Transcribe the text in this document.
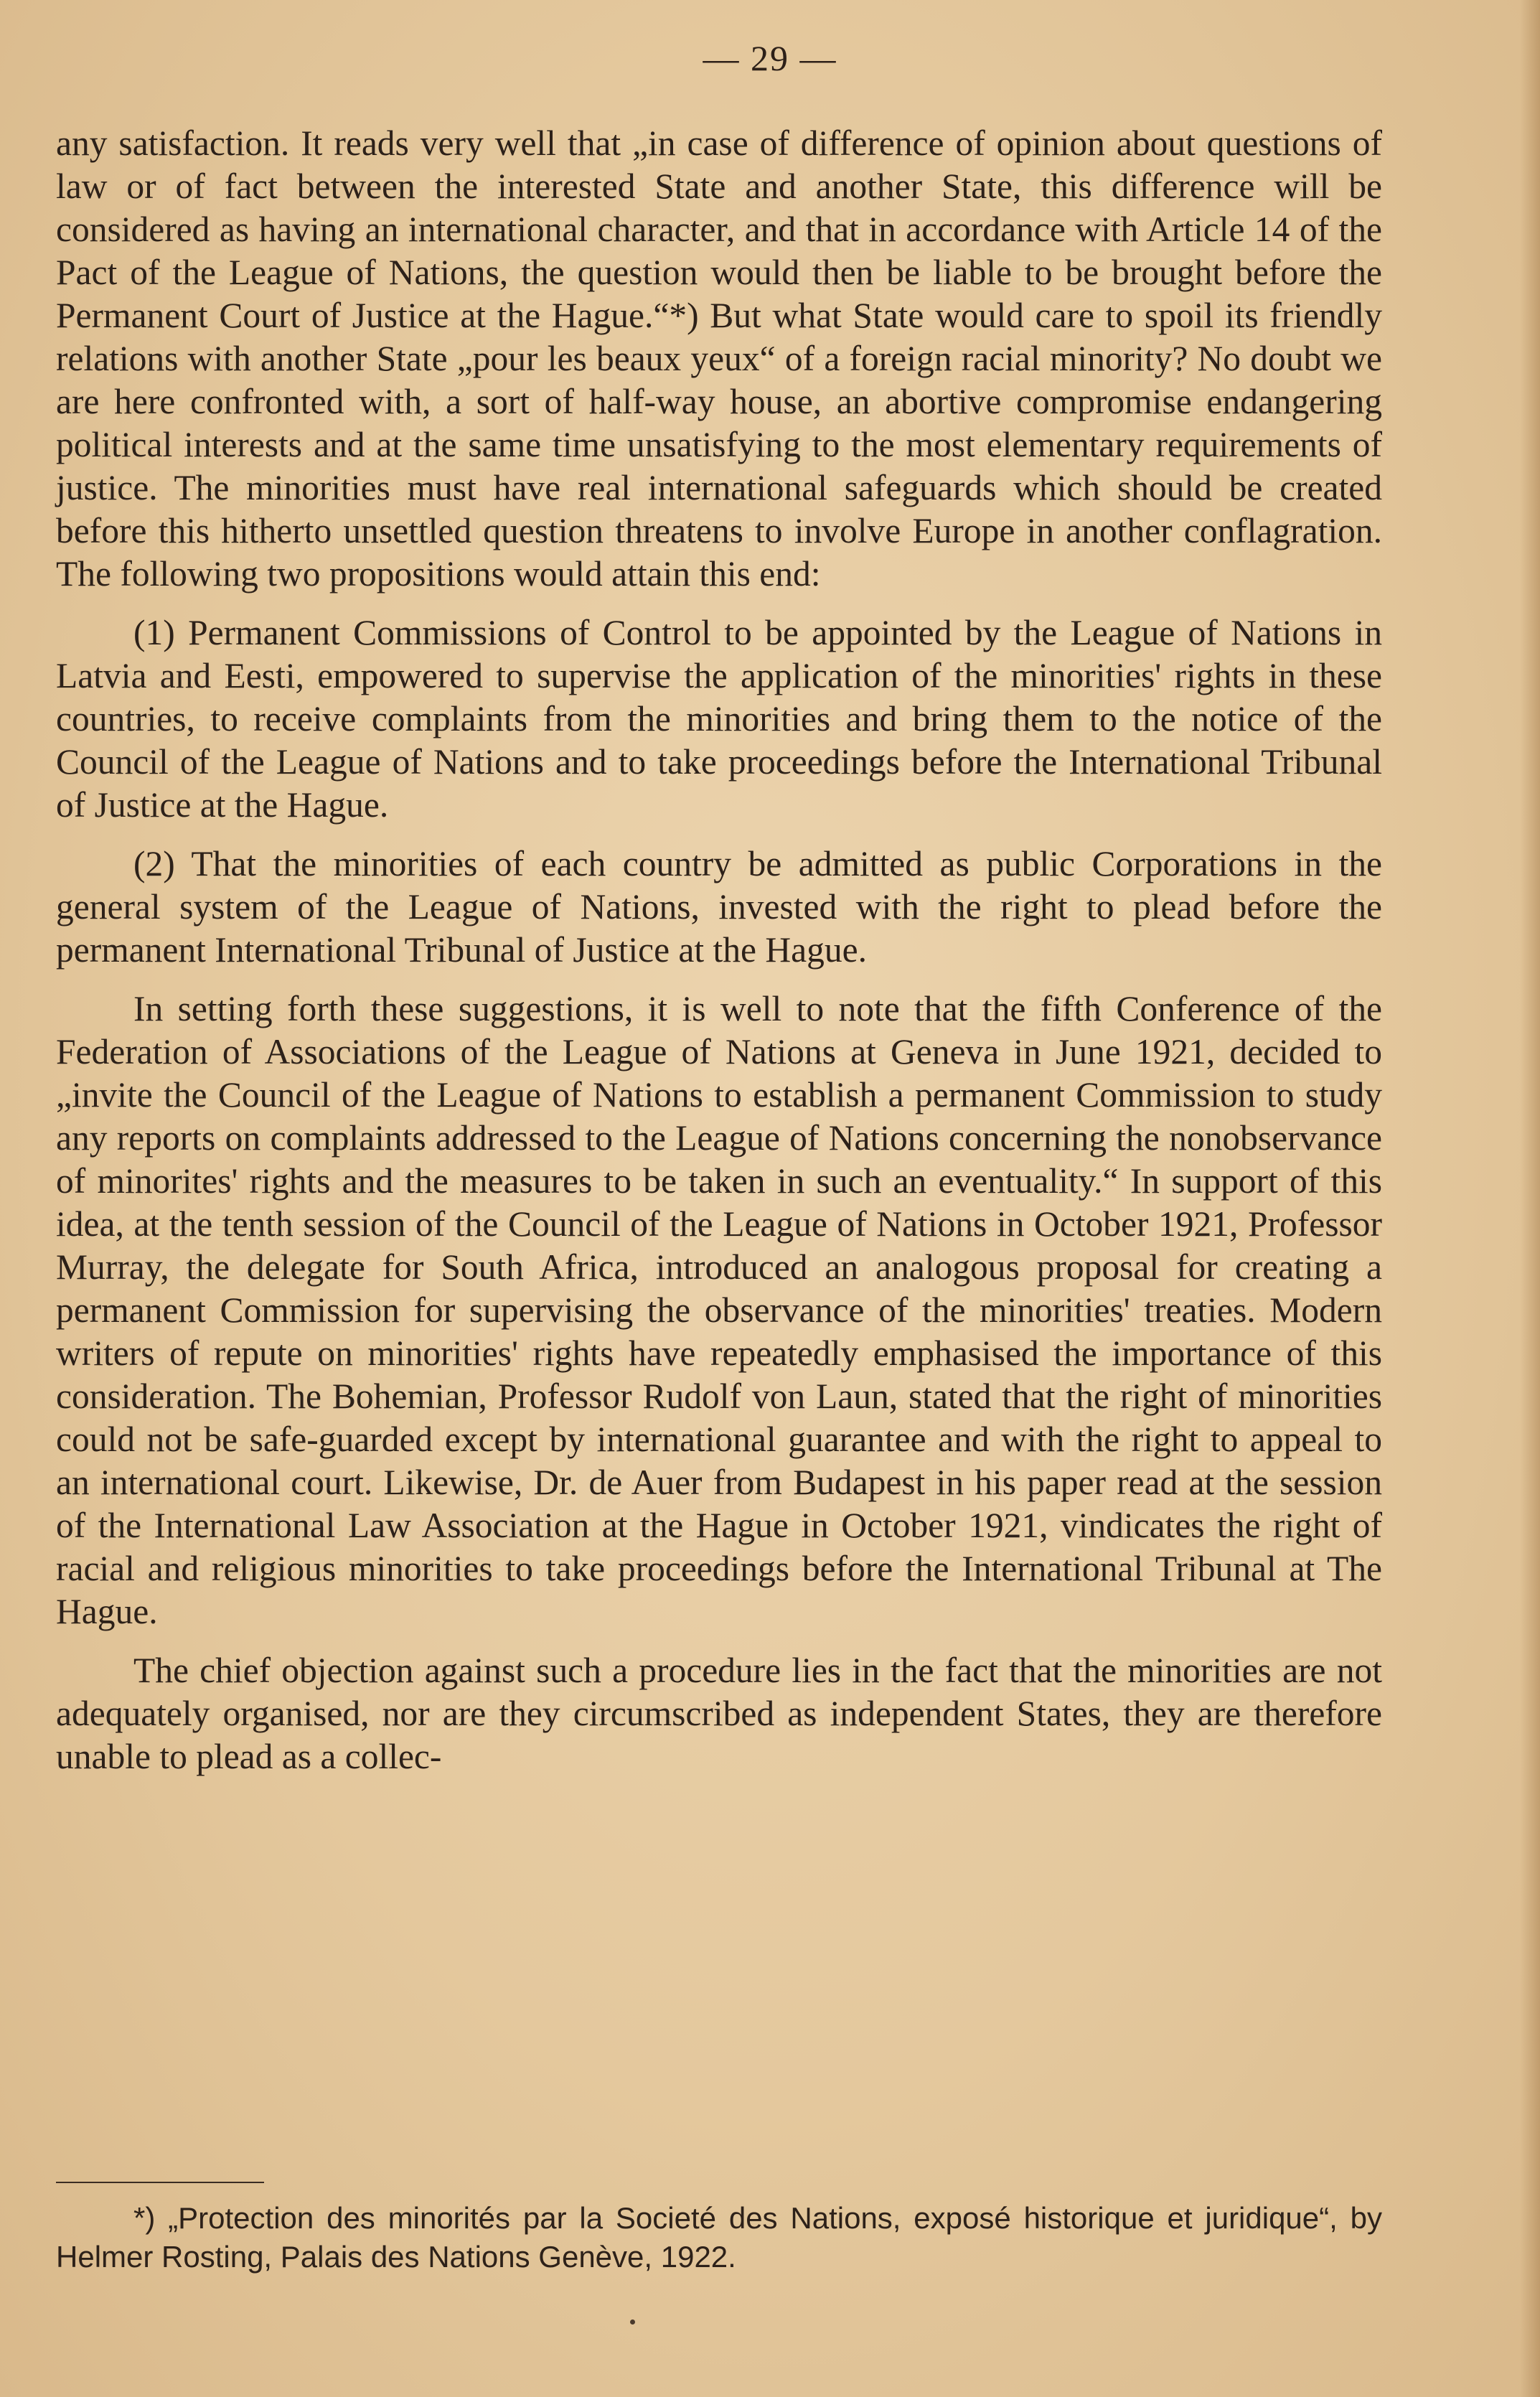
— 29 —

any satisfaction. It reads very well that „in case of difference of opinion about questions of law or of fact between the interested State and another State, this difference will be considered as having an international character, and that in accordance with Article 14 of the Pact of the League of Nations, the question would then be liable to be brought before the Permanent Court of Justice at the Hague.“*) But what State would care to spoil its friendly relations with another State „pour les beaux yeux“ of a foreign racial minority? No doubt we are here confronted with, a sort of half-way house, an abortive compromise endangering political interests and at the same time unsatisfying to the most elementary requirements of justice. The minorities must have real international safeguards which should be created before this hitherto unsettled question threatens to involve Europe in another conflagration. The following two propositions would attain this end:

(1) Permanent Commissions of Control to be appointed by the League of Nations in Latvia and Eesti, empowered to supervise the application of the minorities' rights in these countries, to receive complaints from the minorities and bring them to the notice of the Council of the League of Nations and to take proceedings before the International Tribunal of Justice at the Hague.

(2) That the minorities of each country be admitted as public Corporations in the general system of the League of Nations, invested with the right to plead before the permanent International Tribunal of Justice at the Hague.

In setting forth these suggestions, it is well to note that the fifth Conference of the Federation of Associations of the League of Nations at Geneva in June 1921, decided to „invite the Council of the League of Nations to establish a permanent Commission to study any reports on complaints addressed to the League of Nations concerning the nonobservance of minorites' rights and the measures to be taken in such an eventuality.“ In support of this idea, at the tenth session of the Council of the League of Nations in October 1921, Professor Murray, the delegate for South Africa, introduced an analogous proposal for creating a permanent Commission for supervising the observance of the minorities' treaties. Modern writers of repute on minorities' rights have repeatedly emphasised the importance of this consideration. The Bohemian, Professor Rudolf von Laun, stated that the right of minorities could not be safe-guarded except by international guarantee and with the right to appeal to an international court. Likewise, Dr. de Auer from Budapest in his paper read at the session of the International Law Association at the Hague in October 1921, vindicates the right of racial and religious minorities to take proceedings before the International Tribunal at The Hague.

The chief objection against such a procedure lies in the fact that the minorities are not adequately organised, nor are they circumscribed as independent States, they are therefore unable to plead as a collec-

*) „Protection des minorités par la Societé des Nations, exposé historique et juridique“, by Helmer Rosting, Palais des Nations Genève, 1922.
